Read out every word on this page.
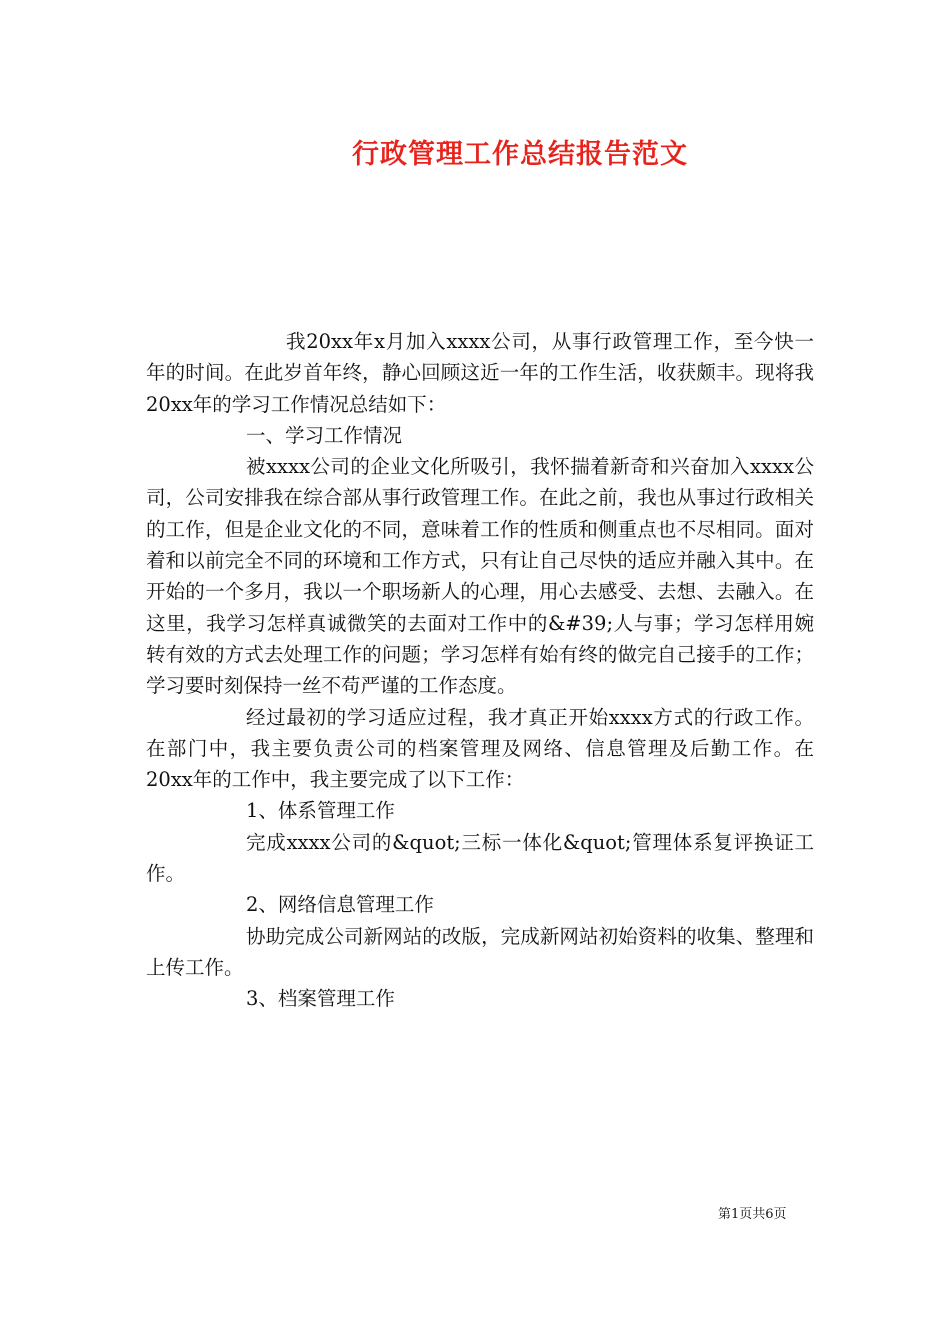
行政管理工作总结报告范文

我20xx年x月加入xxxx公司，从事行政管理工作，至今快一年的时间。在此岁首年终，静心回顾这近一年的工作生活，收获颇丰。现将我20xx年的学习工作情况总结如下：

一、学习工作情况

被xxxx公司的企业文化所吸引，我怀揣着新奇和兴奋加入xxxx公司，公司安排我在综合部从事行政管理工作。在此之前，我也从事过行政相关的工作，但是企业文化的不同，意味着工作的性质和侧重点也不尽相同。面对着和以前完全不同的环境和工作方式，只有让自己尽快的适应并融入其中。在开始的一个多月，我以一个职场新人的心理，用心去感受、去想、去融入。在这里，我学习怎样真诚微笑的去面对工作中的&#39;人与事；学习怎样用婉转有效的方式去处理工作的问题；学习怎样有始有终的做完自己接手的工作；学习要时刻保持一丝不苟严谨的工作态度。

经过最初的学习适应过程，我才真正开始xxxx方式的行政工作。在部门中，我主要负责公司的档案管理及网络、信息管理及后勤工作。在20xx年的工作中，我主要完成了以下工作：

1、体系管理工作

完成xxxx公司的&quot;三标一体化&quot;管理体系复评换证工作。

2、网络信息管理工作

协助完成公司新网站的改版，完成新网站初始资料的收集、整理和上传工作。

3、档案管理工作

第1页共6页
